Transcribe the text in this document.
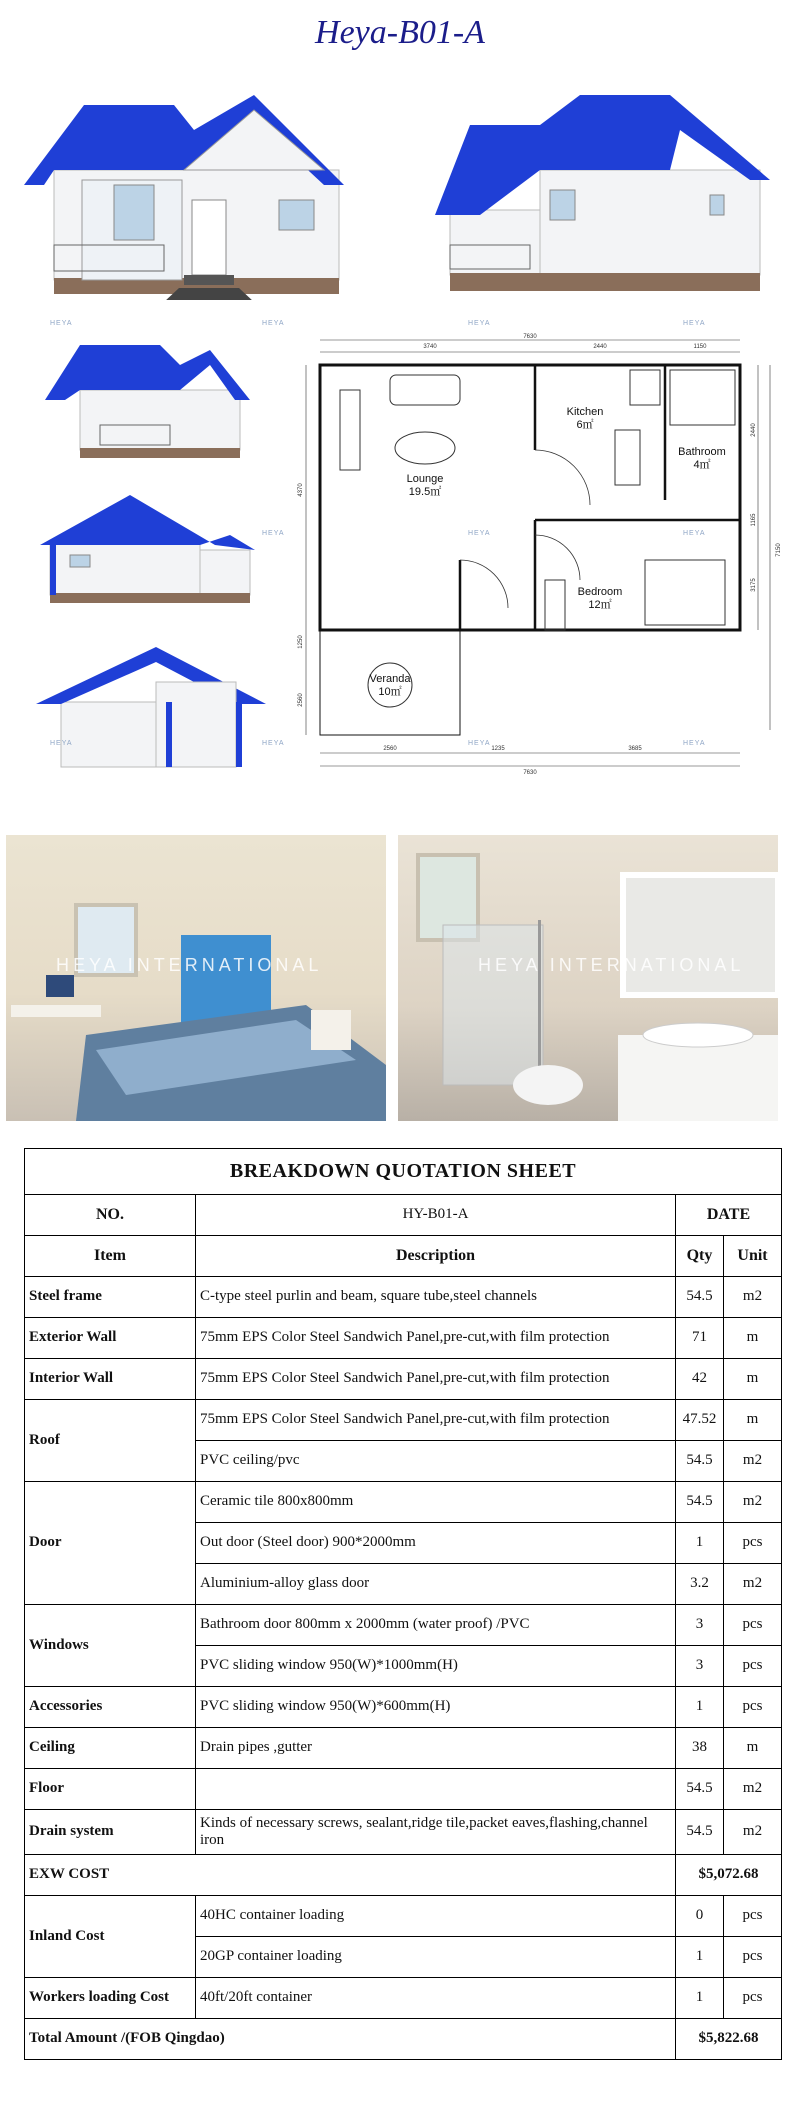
Heya-B01-A
7630
3740	2440	1150
Lounge
19.5㎡
Kitchen
6㎡
Bathroom
4㎡
Bedroom
12㎡
Veranda
10㎡
2560	1235	3685
7630
4370
1250
2560
2440
1165
3175
7150
HEYA	HEYA	HEYA	HEYA
HEYA	HEYA	HEYA
HEYA	HEYA	HEYA	HEYA
HEYA INTERNATIONAL	HEYA INTERNATIONAL
BREAKDOWN QUOTATION SHEET			
NO.	HY-B01-A	DATE	
Item	Description	Qty	Unit
Steel frame	C-type steel purlin and beam, square tube,steel channels	54.5	m2
Exterior Wall	75mm EPS Color Steel Sandwich Panel,pre-cut,with film protection	71	m
Interior Wall	75mm EPS Color Steel Sandwich Panel,pre-cut,with film protection	42	m
Roof	75mm EPS Color Steel Sandwich Panel,pre-cut,with film protection	47.52	m
	PVC ceiling/pvc	54.5	m2
Door	Ceramic tile 800x800mm	54.5	m2
	Out door (Steel door) 900*2000mm	1	pcs
	Aluminium-alloy glass door	3.2	m2
Windows	Bathroom door 800mm x 2000mm (water proof) /PVC	3	pcs
	PVC sliding window 950(W)*1000mm(H)	3	pcs
Accessories	PVC sliding window 950(W)*600mm(H)	1	pcs
Ceiling	Drain pipes ,gutter	38	m
Floor		54.5	m2
Drain system	Kinds of necessary screws, sealant,ridge tile,packet eaves,flashing,channel iron	54.5	m2
EXW COST		$5,072.68	
Inland Cost	40HC container loading	0	pcs
	20GP container loading	1	pcs
Workers loading Cost	40ft/20ft container	1	pcs
Total Amount /(FOB Qingdao)		$5,822.68	
